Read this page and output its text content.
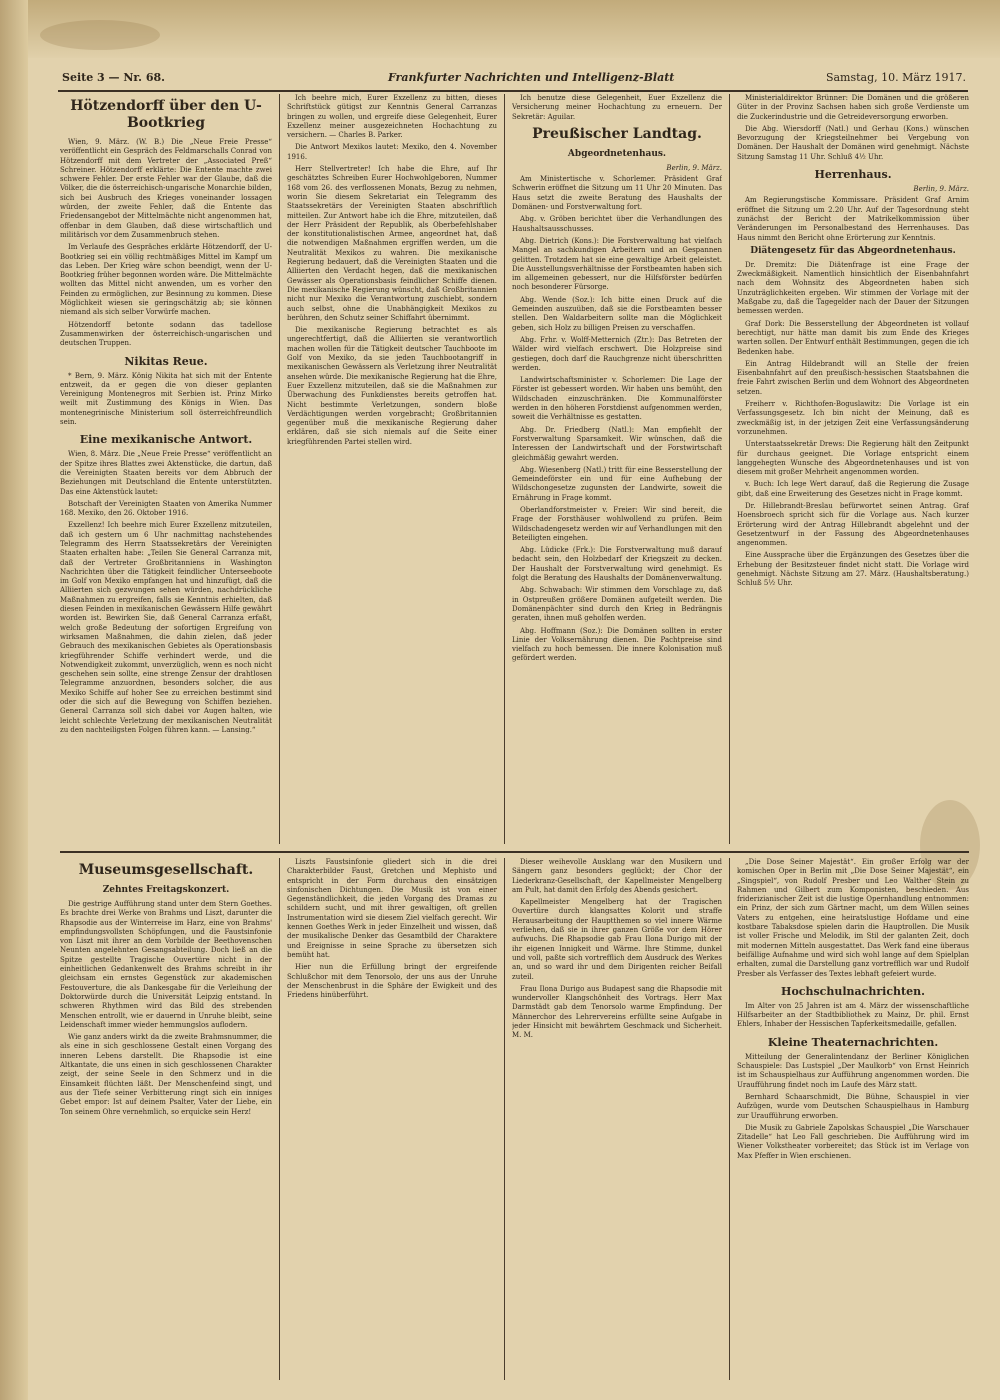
Seite 3 — Nr. 68.	Frankfurter Nachrichten und Intelligenz-Blatt	Samstag, 10. März 1917.
Hötzendorff über den U-Bootkrieg

Wien, 9. März. (W. B.) Die „Neue Freie Presse“ veröffentlicht ein Gespräch des Feldmarschalls Conrad von Hötzendorff mit dem Vertreter der „Associated Preß“ Schreiner. Hötzendorff erklärte: Die Entente machte zwei schwere Fehler. Der erste Fehler war der Glaube, daß die Völker, die die österreichisch-ungarische Monarchie bilden, sich bei Ausbruch des Krieges voneinander lossagen würden, der zweite Fehler, daß die Entente das Friedensangebot der Mittelmächte nicht angenommen hat, offenbar in dem Glauben, daß diese wirtschaftlich und militärisch vor dem Zusammenbruch stehen.

Im Verlaufe des Gespräches erklärte Hötzendorff, der U-Bootkrieg sei ein völlig rechtmäßiges Mittel im Kampf um das Leben. Der Krieg wäre schon beendigt, wenn der U-Bootkrieg früher begonnen worden wäre. Die Mittelmächte wollten das Mittel nicht anwenden, um es vorher den Feinden zu ermöglichen, zur Besinnung zu kommen. Diese Möglichkeit wiesen sie geringschätzig ab; sie können niemand als sich selber Vorwürfe machen.

Hötzendorff betonte sodann das tadellose Zusammenwirken der österreichisch-ungarischen und deutschen Truppen.

Nikitas Reue.

* Bern, 9. März. König Nikita hat sich mit der Entente entzweit, da er gegen die von dieser geplanten Vereinigung Montenegros mit Serbien ist. Prinz Mirko weilt mit Zustimmung des Königs in Wien. Das montenegrinische Ministerium soll österreichfreundlich sein.

Eine mexikanische Antwort.

Wien, 8. März. Die „Neue Freie Presse“ veröffentlicht an der Spitze ihres Blattes zwei Aktenstücke, die dartun, daß die Vereinigten Staaten bereits vor dem Abbruch der Beziehungen mit Deutschland die Entente unterstützten. Das eine Aktenstück lautet:

Botschaft der Vereinigten Staaten von Amerika Nummer 168. Mexiko, den 26. Oktober 1916.

Exzellenz! Ich beehre mich Eurer Exzellenz mitzuteilen, daß ich gestern um 6 Uhr nachmittag nachstehendes Telegramm des Herrn Staatssekretärs der Vereinigten Staaten erhalten habe: „Teilen Sie General Carranza mit, daß der Vertreter Großbritanniens in Washington Nachrichten über die Tätigkeit feindlicher Unterseeboote im Golf von Mexiko empfangen hat und hinzufügt, daß die Alliierten sich gezwungen sehen würden, nachdrückliche Maßnahmen zu ergreifen, falls sie Kenntnis erhielten, daß diesen Feinden in mexikanischen Gewässern Hilfe gewährt worden ist. Bewirken Sie, daß General Carranza erfaßt, welch große Bedeutung der sofortigen Ergreifung von wirksamen Maßnahmen, die dahin zielen, daß jeder Gebrauch des mexikanischen Gebietes als Operationsbasis kriegführender Schiffe verhindert werde, und die Notwendigkeit zukommt, unverzüglich, wenn es noch nicht geschehen sein sollte, eine strenge Zensur der drahtlosen Telegramme anzuordnen, besonders solcher, die aus Mexiko Schiffe auf hoher See zu erreichen bestimmt sind oder die sich auf die Bewegung von Schiffen beziehen. General Carranza soll sich dabei vor Augen halten, wie leicht schlechte Verletzung der mexikanischen Neutralität zu den nachteiligsten Folgen führen kann. — Lansing.“

Ich beehre mich, Eurer Exzellenz zu bitten, dieses Schriftstück gütigst zur Kenntnis General Carranzas bringen zu wollen, und ergreife diese Gelegenheit, Eurer Exzellenz meiner ausgezeichneten Hochachtung zu versichern. — Charles B. Parker.

Die Antwort Mexikos lautet: Mexiko, den 4. November 1916.

Herr Stellvertreter! Ich habe die Ehre, auf Ihr geschätztes Schreiben Eurer Hochwohlgeboren, Nummer 168 vom 26. des verflossenen Monats, Bezug zu nehmen, worin Sie diesem Sekretariat ein Telegramm des Staatssekretärs der Vereinigten Staaten abschriftlich mitteilen. Zur Antwort habe ich die Ehre, mitzuteilen, daß der Herr Präsident der Republik, als Oberbefehlshaber der konstitutionalistischen Armee, angeordnet hat, daß die notwendigen Maßnahmen ergriffen werden, um die Neutralität Mexikos zu wahren. Die mexikanische Regierung bedauert, daß die Vereinigten Staaten und die Alliierten den Verdacht hegen, daß die mexikanischen Gewässer als Operationsbasis feindlicher Schiffe dienen. Die mexikanische Regierung wünscht, daß Großbritannien nicht nur Mexiko die Verantwortung zuschiebt, sondern auch selbst, ohne die Unabhängigkeit Mexikos zu berühren, den Schutz seiner Schiffahrt übernimmt.

Die mexikanische Regierung betrachtet es als ungerechtfertigt, daß die Alliierten sie verantwortlich machen wollen für die Tätigkeit deutscher Tauchboote im Golf von Mexiko, da sie jeden Tauchbootangriff in mexikanischen Gewässern als Verletzung ihrer Neutralität ansehen würde. Die mexikanische Regierung hat die Ehre, Euer Exzellenz mitzuteilen, daß sie die Maßnahmen zur Überwachung des Funkdienstes bereits getroffen hat. Nicht bestimmte Verletzungen, sondern bloße Verdächtigungen werden vorgebracht; Großbritannien gegenüber muß die mexikanische Regierung daher erklären, daß sie sich niemals auf die Seite einer kriegführenden Partei stellen wird.

Ich benutze diese Gelegenheit, Euer Exzellenz die Versicherung meiner Hochachtung zu erneuern. Der Sekretär: Aguilar.

Preußischer Landtag.
Abgeordnetenhaus.
Berlin, 9. März.

Am Ministertische v. Schorlemer. Präsident Graf Schwerin eröffnet die Sitzung um 11 Uhr 20 Minuten. Das Haus setzt die zweite Beratung des Haushalts der Domänen- und Forstverwaltung fort.

Abg. v. Gröben berichtet über die Verhandlungen des Haushaltsausschusses.

Abg. Dietrich (Kons.): Die Forstverwaltung hat vielfach Mangel an sachkundigen Arbeitern und an Gespannen gelitten. Trotzdem hat sie eine gewaltige Arbeit geleistet. Die Ausstellungsverhältnisse der Forstbeamten haben sich im allgemeinen gebessert, nur die Hilfsförster bedürfen noch besonderer Fürsorge.

Abg. Wende (Soz.): Ich bitte einen Druck auf die Gemeinden auszuüben, daß sie die Forstbeamten besser stellen. Den Waldarbeitern sollte man die Möglichkeit geben, sich Holz zu billigen Preisen zu verschaffen.

Abg. Frhr. v. Wolff-Metternich (Ztr.): Das Betreten der Wälder wird vielfach erschwert. Die Holzpreise sind gestiegen, doch darf die Rauchgrenze nicht überschritten werden.

Landwirtschaftsminister v. Schorlemer: Die Lage der Förster ist gebessert worden. Wir haben uns bemüht, den Wildschaden einzuschränken. Die Kommunalförster werden in den höheren Forstdienst aufgenommen werden, soweit die Verhältnisse es gestatten.

Abg. Dr. Friedberg (Natl.): Man empfiehlt der Forstverwaltung Sparsamkeit. Wir wünschen, daß die Interessen der Landwirtschaft und der Forstwirtschaft gleichmäßig gewahrt werden.

Abg. Wiesenberg (Natl.) tritt für eine Besserstellung der Gemeindeförster ein und für eine Aufhebung der Wildschongesetze zugunsten der Landwirte, soweit die Ernährung in Frage kommt.

Oberlandforstmeister v. Freier: Wir sind bereit, die Frage der Forsthäuser wohlwollend zu prüfen. Beim Wildschadengesetz werden wir auf Verhandlungen mit den Beteiligten eingehen.

Abg. Lüdicke (Frk.): Die Forstverwaltung muß darauf bedacht sein, den Holzbedarf der Kriegszeit zu decken. Der Haushalt der Forstverwaltung wird genehmigt. Es folgt die Beratung des Haushalts der Domänenverwaltung.

Abg. Schwabach: Wir stimmen dem Vorschlage zu, daß in Ostpreußen größere Domänen aufgeteilt werden. Die Domänenpächter sind durch den Krieg in Bedrängnis geraten, ihnen muß geholfen werden.

Abg. Hoffmann (Soz.): Die Domänen sollten in erster Linie der Volksernährung dienen. Die Pachtpreise sind vielfach zu hoch bemessen. Die innere Kolonisation muß gefördert werden.

Ministerialdirektor Brünner: Die Domänen und die größeren Güter in der Provinz Sachsen haben sich große Verdienste um die Zuckerindustrie und die Getreideversorgung erworben.

Die Abg. Wiersdorff (Natl.) und Gerhau (Kons.) wünschen Bevorzugung der Kriegsteilnehmer bei Vergebung von Domänen. Der Haushalt der Domänen wird genehmigt. Nächste Sitzung Samstag 11 Uhr. Schluß 4½ Uhr.

Herrenhaus.
Berlin, 9. März.

Am Regierungstische Kommissare. Präsident Graf Arnim eröffnet die Sitzung um 2.20 Uhr. Auf der Tagesordnung steht zunächst der Bericht der Matrikelkommission über Veränderungen im Personalbestand des Herrenhauses. Das Haus nimmt den Bericht ohne Erörterung zur Kenntnis.

Diätengesetz für das Abgeordnetenhaus.

Dr. Dremitz: Die Diätenfrage ist eine Frage der Zweckmäßigkeit. Namentlich hinsichtlich der Eisenbahnfahrt nach dem Wohnsitz des Abgeordneten haben sich Unzuträglichkeiten ergeben. Wir stimmen der Vorlage mit der Maßgabe zu, daß die Tagegelder nach der Dauer der Sitzungen bemessen werden.

Graf Dork: Die Besserstellung der Abgeordneten ist vollauf berechtigt, nur hätte man damit bis zum Ende des Krieges warten sollen. Der Entwurf enthält Bestimmungen, gegen die ich Bedenken habe.

Ein Antrag Hildebrandt will an Stelle der freien Eisenbahnfahrt auf den preußisch-hessischen Staatsbahnen die freie Fahrt zwischen Berlin und dem Wohnort des Abgeordneten setzen.

Freiherr v. Richthofen-Boguslawitz: Die Vorlage ist ein Verfassungsgesetz. Ich bin nicht der Meinung, daß es zweckmäßig ist, in der jetzigen Zeit eine Verfassungsänderung vorzunehmen.

Unterstaatssekretär Drews: Die Regierung hält den Zeitpunkt für durchaus geeignet. Die Vorlage entspricht einem langgehegten Wunsche des Abgeordnetenhauses und ist von diesem mit großer Mehrheit angenommen worden.

v. Buch: Ich lege Wert darauf, daß die Regierung die Zusage gibt, daß eine Erweiterung des Gesetzes nicht in Frage kommt.

Dr. Hillebrandt-Breslau befürwortet seinen Antrag. Graf Hoensbroech spricht sich für die Vorlage aus. Nach kurzer Erörterung wird der Antrag Hillebrandt abgelehnt und der Gesetzentwurf in der Fassung des Abgeordnetenhauses angenommen.

Eine Aussprache über die Ergänzungen des Gesetzes über die Erhebung der Besitzsteuer findet nicht statt. Die Vorlage wird genehmigt. Nächste Sitzung am 27. März. (Haushaltsberatung.) Schluß 5½ Uhr.

Museumsgesellschaft.
Zehntes Freitagskonzert.

Die gestrige Aufführung stand unter dem Stern Goethes. Es brachte drei Werke von Brahms und Liszt, darunter die Rhapsodie aus der Winterreise im Harz, eine von Brahms' empfindungsvollsten Schöpfungen, und die Faustsinfonie von Liszt mit ihrer an dem Vorbilde der Beethovenschen Neunten angelehnten Gesangsabteilung. Doch ließ an die Spitze gestellte Tragische Ouvertüre nicht in der einheitlichen Gedankenwelt des Brahms schreibt in ihr gleichsam ein ernstes Gegenstück zur akademischen Festouverture, die als Dankesgabe für die Verleihung der Doktorwürde durch die Universität Leipzig entstand. In schweren Rhythmen wird das Bild des strebenden Menschen entrollt, wie er dauernd in Unruhe bleibt, seine Leidenschaft immer wieder hemmungslos auflodern.

Wie ganz anders wirkt da die zweite Brahmsnummer, die als eine in sich geschlossene Gestalt einen Vorgang des inneren Lebens darstellt. Die Rhapsodie ist eine Altkantate, die uns einen in sich geschlossenen Charakter zeigt, der seine Seele in den Schmerz und in die Einsamkeit flüchten läßt. Der Menschenfeind singt, und aus der Tiefe seiner Verbitterung ringt sich ein inniges Gebet empor: Ist auf deinem Psalter, Vater der Liebe, ein Ton seinem Ohre vernehmlich, so erquicke sein Herz!

Liszts Faustsinfonie gliedert sich in die drei Charakterbilder Faust, Gretchen und Mephisto und entspricht in der Form durchaus den einsätzigen sinfonischen Dichtungen. Die Musik ist von einer Gegenständlichkeit, die jeden Vorgang des Dramas zu schildern sucht, und mit ihrer gewaltigen, oft grellen Instrumentation wird sie diesem Ziel vielfach gerecht. Wir kennen Goethes Werk in jeder Einzelheit und wissen, daß der musikalische Denker das Gesamtbild der Charaktere und Ereignisse in seine Sprache zu übersetzen sich bemüht hat.

Hier nun die Erfüllung bringt der ergreifende Schlußchor mit dem Tenorsolo, der uns aus der Unruhe der Menschenbrust in die Sphäre der Ewigkeit und des Friedens hinüberführt.

Dieser weihevolle Ausklang war den Musikern und Sängern ganz besonders geglückt; der Chor der Liederkranz-Gesellschaft, der Kapellmeister Mengelberg am Pult, hat damit den Erfolg des Abends gesichert.

Kapellmeister Mengelberg hat der Tragischen Ouvertüre durch klangsattes Kolorit und straffe Herausarbeitung der Hauptthemen so viel innere Wärme verliehen, daß sie in ihrer ganzen Größe vor dem Hörer aufwuchs. Die Rhapsodie gab Frau Ilona Durigo mit der ihr eigenen Innigkeit und Wärme. Ihre Stimme, dunkel und voll, paßte sich vortrefflich dem Ausdruck des Werkes an, und so ward ihr und dem Dirigenten reicher Beifall zuteil.

Frau Ilona Durigo aus Budapest sang die Rhapsodie mit wundervoller Klangschönheit des Vortrags. Herr Max Darmstädt gab dem Tenorsolo warme Empfindung. Der Männerchor des Lehrervereins erfüllte seine Aufgabe in jeder Hinsicht mit bewährtem Geschmack und Sicherheit. M. M.

„Die Dose Seiner Majestät“. Ein großer Erfolg war der komischen Oper in Berlin mit „Die Dose Seiner Majestät“, ein „Singspiel“, von Rudolf Presber und Leo Walther Stein zu Rahmen und Gilbert zum Komponisten, beschieden. Aus friderizianischer Zeit ist die lustige Opernhandlung entnommen: ein Prinz, der sich zum Gärtner macht, um dem Willen seines Vaters zu entgehen, eine heiratslustige Hofdame und eine kostbare Tabaksdose spielen darin die Hauptrollen. Die Musik ist voller Frische und Melodik, im Stil der galanten Zeit, doch mit modernen Mitteln ausgestattet. Das Werk fand eine überaus beifällige Aufnahme und wird sich wohl lange auf dem Spielplan erhalten, zumal die Darstellung ganz vortrefflich war und Rudolf Presber als Verfasser des Textes lebhaft gefeiert wurde.

Hochschulnachrichten.

Im Alter von 25 Jahren ist am 4. März der wissenschaftliche Hilfsarbeiter an der Stadtbibliothek zu Mainz, Dr. phil. Ernst Ehlers, Inhaber der Hessischen Tapferkeitsmedaille, gefallen.

Kleine Theaternachrichten.

Mitteilung der Generalintendanz der Berliner Königlichen Schauspiele: Das Lustspiel „Der Maulkorb“ von Ernst Heinrich ist im Schauspielhaus zur Aufführung angenommen worden. Die Uraufführung findet noch im Laufe des März statt.

Bernhard Schaarschmidt, Die Bühne, Schauspiel in vier Aufzügen, wurde vom Deutschen Schauspielhaus in Hamburg zur Uraufführung erworben.

Die Musik zu Gabriele Zapolskas Schauspiel „Die Warschauer Zitadelle“ hat Leo Fall geschrieben. Die Aufführung wird im Wiener Volkstheater vorbereitet; das Stück ist im Verlage von Max Pfeffer in Wien erschienen.
